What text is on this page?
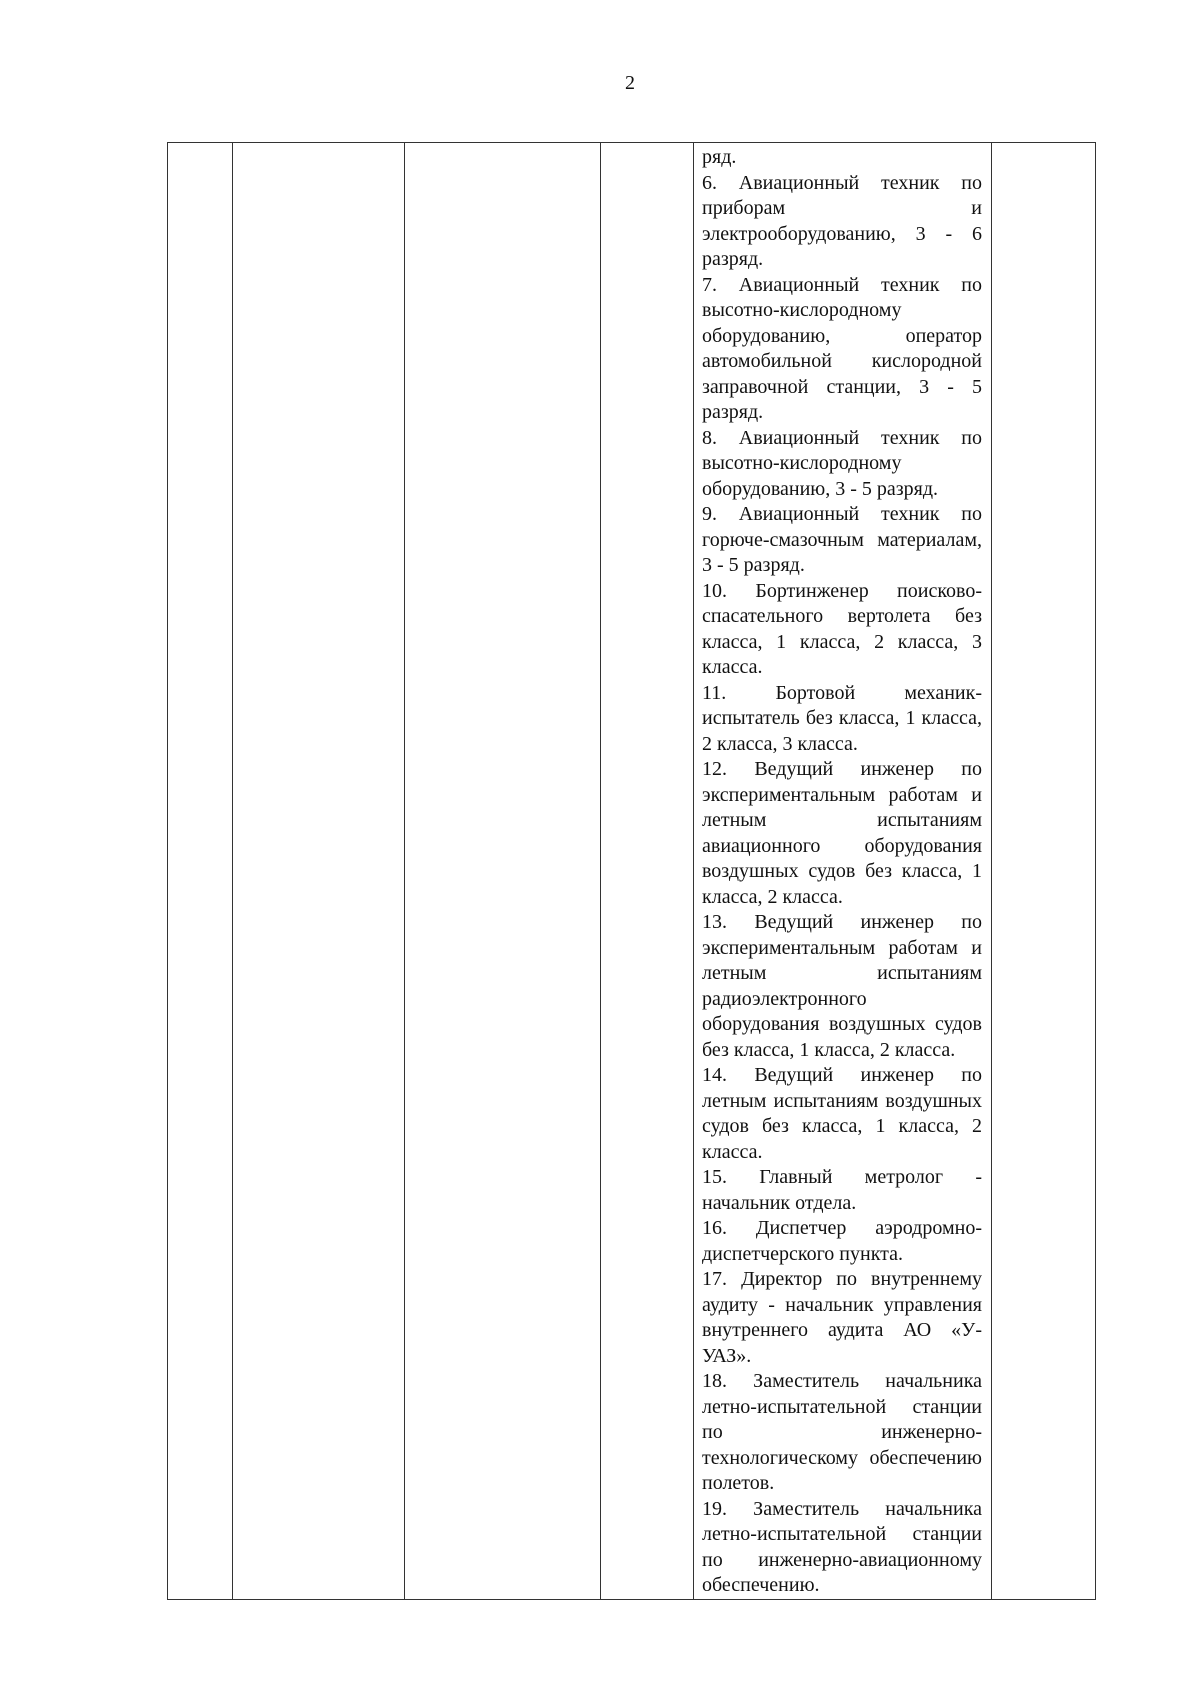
2

ряд.
6. Авиационный техник по приборам и электрооборудованию, 3 - 6 разряд.
7. Авиационный техник по высотно-кислородному оборудованию, оператор автомобильной кислородной заправочной станции, 3 - 5 разряд.
8. Авиационный техник по высотно-кислородному оборудованию, 3 - 5 разряд.
9. Авиационный техник по горюче-смазочным материалам, 3 - 5 разряд.
10. Бортинженер поисково-спасательного вертолета без класса, 1 класса, 2 класса, 3 класса.
11. Бортовой механик-испытатель без класса, 1 класса, 2 класса, 3 класса.
12. Ведущий инженер по экспериментальным работам и летным испытаниям авиационного оборудования воздушных судов без класса, 1 класса, 2 класса.
13. Ведущий инженер по экспериментальным работам и летным испытаниям радиоэлектронного оборудования воздушных судов без класса, 1 класса, 2 класса.
14. Ведущий инженер по летным испытаниям воздушных судов без класса, 1 класса, 2 класса.
15. Главный метролог - начальник отдела.
16. Диспетчер аэродромно-диспетчерского пункта.
17. Директор по внутреннему аудиту - начальник управления внутреннего аудита АО «У-УАЗ».
18. Заместитель начальника летно-испытательной станции по инженерно-технологическому обеспечению полетов.
19. Заместитель начальника летно-испытательной станции по инженерно-авиационному обеспечению.
